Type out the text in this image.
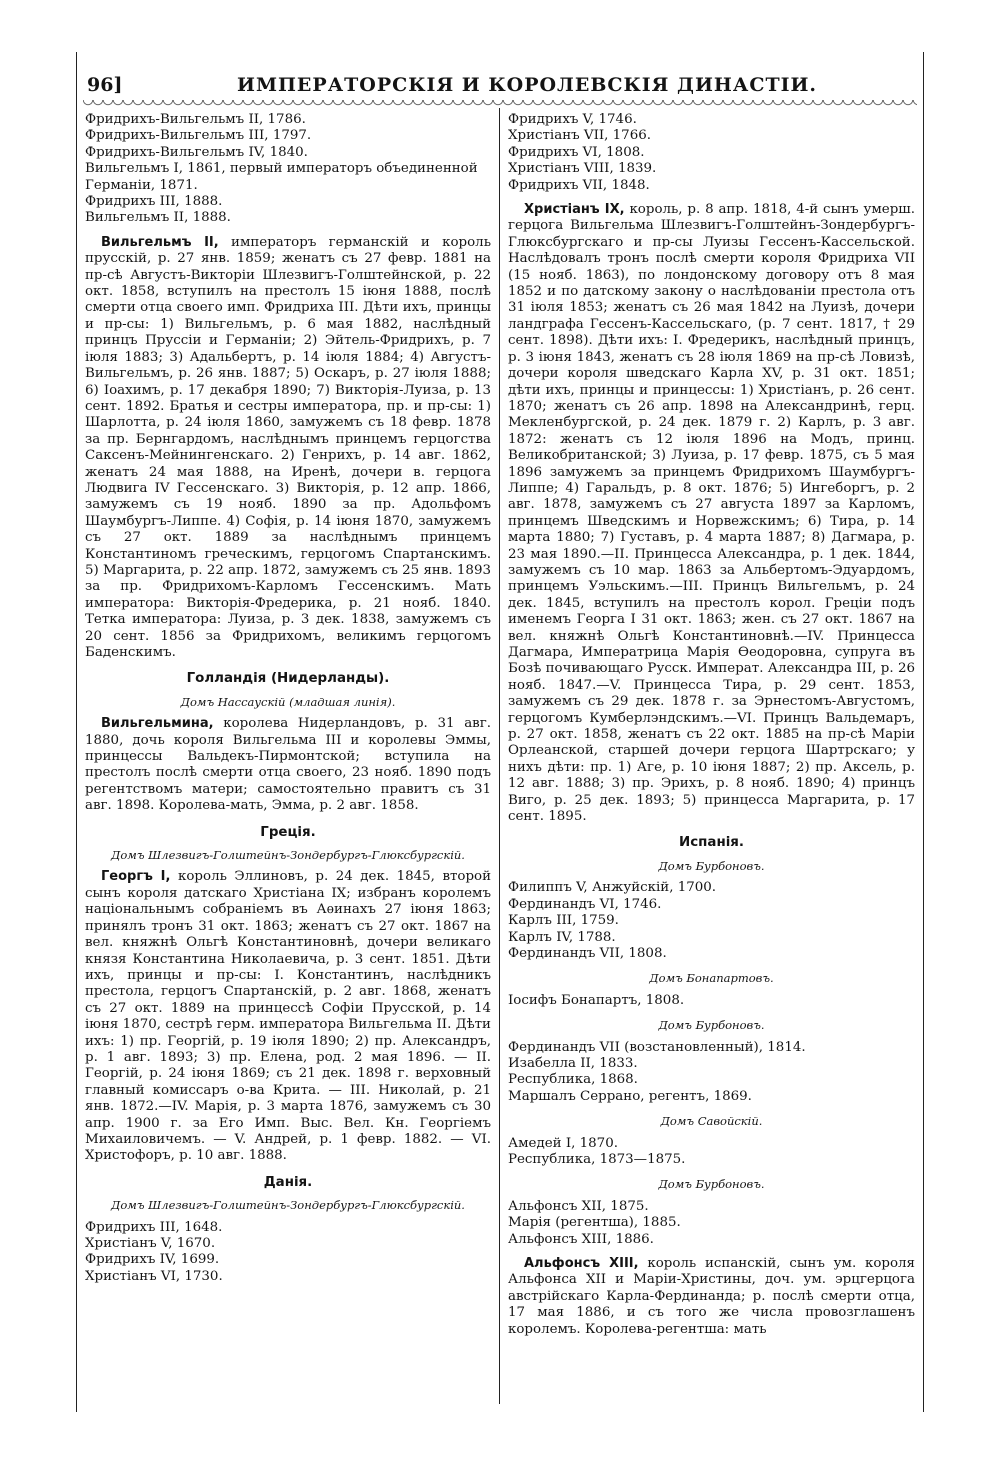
96]	ИМПЕРАТОРСКІЯ И КОРОЛЕВСКІЯ ДИНАСТІИ.
Фридрихъ-Вильгельмъ II, 1786.
Фридрихъ-Вильгельмъ III, 1797.
Фридрихъ-Вильгельмъ IV, 1840.
Вильгельмъ I, 1861, первый императоръ объединенной Германіи, 1871.
Фридрихъ III, 1888.
Вильгельмъ II, 1888.

Вильгельмъ II, императоръ германскій и король прусскій, р. 27 янв. 1859; женатъ съ 27 февр. 1881 на пр-сѣ Августъ-Викторіи Шлезвигъ-Голштейнской, р. 22 окт. 1858, вступилъ на престолъ 15 іюня 1888, послѣ смерти отца своего имп. Фридриха III. Дѣти ихъ, принцы и пр-сы: 1) Вильгельмъ, р. 6 мая 1882, наслѣдный принцъ Пруссіи и Германіи; 2) Эйтель-Фридрихъ, р. 7 іюля 1883; 3) Адальбертъ, р. 14 іюля 1884; 4) Августъ-Вильгельмъ, р. 26 янв. 1887; 5) Оскаръ, р. 27 іюля 1888; 6) Іоахимъ, р. 17 декабря 1890; 7) Викторія-Луиза, р. 13 сент. 1892. Братья и сестры императора, пр. и пр-сы: 1) Шарлотта, р. 24 іюля 1860, замужемъ съ 18 февр. 1878 за пр. Бернгардомъ, наслѣднымъ принцемъ герцогства Саксенъ-Мейнингенскаго. 2) Генрихъ, р. 14 авг. 1862, женатъ 24 мая 1888, на Иренѣ, дочери в. герцога Людвига IV Гессенскаго. 3) Викторія, р. 12 апр. 1866, замужемъ съ 19 нояб. 1890 за пр. Адольфомъ Шаумбургъ-Липпе. 4) Софія, р. 14 іюня 1870, замужемъ съ 27 окт. 1889 за наслѣднымъ принцемъ Константиномъ греческимъ, герцогомъ Спартанскимъ. 5) Маргарита, р. 22 апр. 1872, замужемъ съ 25 янв. 1893 за пр. Фридрихомъ-Карломъ Гессенскимъ. Мать императора: Викторія-Фредерика, р. 21 нояб. 1840. Тетка императора: Луиза, р. 3 дек. 1838, замужемъ съ 20 сент. 1856 за Фридрихомъ, великимъ герцогомъ Баденскимъ.

Голландія (Нидерланды).
Домъ Нассаускій (младшая линія).

Вильгельмина, королева Нидерландовъ, р. 31 авг. 1880, дочь короля Вильгельма III и королевы Эммы, принцессы Вальдекъ-Пирмонтской; вступила на престолъ послѣ смерти отца своего, 23 нояб. 1890 подъ регентствомъ матери; самостоятельно правитъ съ 31 авг. 1898. Королева-мать, Эмма, р. 2 авг. 1858.

Греція.
Домъ Шлезвигъ-Голштейнъ-Зондербургъ-Глюксбургскій.

Георгъ I, король Эллиновъ, р. 24 дек. 1845, второй сынъ короля датскаго Христіана IX; избранъ королемъ національнымъ собраніемъ въ Аѳинахъ 27 іюня 1863; принялъ тронъ 31 окт. 1863; женатъ съ 27 окт. 1867 на вел. княжнѣ Ольгѣ Константиновнѣ, дочери великаго князя Константина Николаевича, р. 3 сент. 1851. Дѣти ихъ, принцы и пр-сы: I. Константинъ, наслѣдникъ престола, герцогъ Спартанскій, р. 2 авг. 1868, женатъ съ 27 окт. 1889 на принцессѣ Софіи Прусской, р. 14 іюня 1870, сестрѣ герм. императора Вильгельма II. Дѣти ихъ: 1) пр. Георгій, р. 19 іюля 1890; 2) пр. Александръ, р. 1 авг. 1893; 3) пр. Елена, род. 2 мая 1896. — II. Георгій, р. 24 іюня 1869; съ 21 дек. 1898 г. верховный главный комиссаръ о-ва Крита. — III. Николай, р. 21 янв. 1872.—IV. Марія, р. 3 марта 1876, замужемъ съ 30 апр. 1900 г. за Его Имп. Выс. Вел. Кн. Георгіемъ Михаиловичемъ. — V. Андрей, р. 1 февр. 1882. — VI. Христофоръ, р. 10 авг. 1888.

Данія.
Домъ Шлезвигъ-Голштейнъ-Зондербургъ-Глюксбургскій.
Фридрихъ III, 1648.
Христіанъ V, 1670.
Фридрихъ IV, 1699.
Христіанъ VI, 1730.
Фридрихъ V, 1746.
Христіанъ VII, 1766.
Фридрихъ VI, 1808.
Христіанъ VIII, 1839.
Фридрихъ VII, 1848.

Христіанъ IX, король, р. 8 апр. 1818, 4-й сынъ умерш. герцога Вильгельма Шлезвигъ-Голштейнъ-Зондербургъ-Глюксбургскаго и пр-сы Луизы Гессенъ-Кассельской. Наслѣдовалъ тронъ послѣ смерти короля Фридриха VII (15 нояб. 1863), по лондонскому договору отъ 8 мая 1852 и по датскому закону о наслѣдованіи престола отъ 31 іюля 1853; женатъ съ 26 мая 1842 на Луизѣ, дочери ландграфа Гессенъ-Кассельскаго, (р. 7 сент. 1817, † 29 сент. 1898). Дѣти ихъ: I. Фредерикъ, наслѣдный принцъ, р. 3 іюня 1843, женатъ съ 28 іюля 1869 на пр-сѣ Ловизѣ, дочери короля шведскаго Карла XV, р. 31 окт. 1851; дѣти ихъ, принцы и принцессы: 1) Христіанъ, р. 26 сент. 1870; женатъ съ 26 апр. 1898 на Александринѣ, герц. Мекленбургской, р. 24 дек. 1879 г. 2) Карлъ, р. 3 авг. 1872: женатъ съ 12 іюля 1896 на Модъ, принц. Великобританской; 3) Луиза, р. 17 февр. 1875, съ 5 мая 1896 замужемъ за принцемъ Фридрихомъ Шаумбургъ-Липпе; 4) Гаральдъ, р. 8 окт. 1876; 5) Ингеборгъ, р. 2 авг. 1878, замужемъ съ 27 августа 1897 за Карломъ, принцемъ Шведскимъ и Норвежскимъ; 6) Тира, р. 14 марта 1880; 7) Густавъ, р. 4 марта 1887; 8) Дагмара, р. 23 мая 1890.—II. Принцесса Александра, р. 1 дек. 1844, замужемъ съ 10 мар. 1863 за Альбертомъ-Эдуардомъ, принцемъ Уэльскимъ.—III. Принцъ Вильгельмъ, р. 24 дек. 1845, вступилъ на престолъ корол. Греціи подъ именемъ Георга I 31 окт. 1863; жен. съ 27 окт. 1867 на вел. княжнѣ Ольгѣ Константиновнѣ.—IV. Принцесса Дагмара, Императрица Марія Ѳеодоровна, супруга въ Бозѣ почивающаго Русск. Императ. Александра III, р. 26 нояб. 1847.—V. Принцесса Тира, р. 29 сент. 1853, замужемъ съ 29 дек. 1878 г. за Эрнестомъ-Августомъ, герцогомъ Кумберлэндскимъ.—VI. Принцъ Вальдемаръ, р. 27 окт. 1858, женатъ съ 22 окт. 1885 на пр-сѣ Маріи Орлеанской, старшей дочери герцога Шартрскаго; у нихъ дѣти: пр. 1) Аге, р. 10 іюня 1887; 2) пр. Аксель, р. 12 авг. 1888; 3) пр. Эрихъ, р. 8 нояб. 1890; 4) принцъ Виго, р. 25 дек. 1893; 5) принцесса Маргарита, р. 17 сент. 1895.

Испанія.
Домъ Бурбоновъ.
Филиппъ V, Анжуйскій, 1700.
Фердинандъ VI, 1746.
Карлъ III, 1759.
Карлъ IV, 1788.
Фердинандъ VII, 1808.
Домъ Бонапартовъ.
Іосифъ Бонапартъ, 1808.
Домъ Бурбоновъ.
Фердинандъ VII (возстановленный), 1814.
Изабелла II, 1833.
Республика, 1868.
Маршалъ Серрано, регентъ, 1869.
Домъ Савойскій.
Амедей I, 1870.
Республика, 1873—1875.
Домъ Бурбоновъ.
Альфонсъ XII, 1875.
Марія (регентша), 1885.
Альфонсъ XIII, 1886.

Альфонсъ XIII, король испанскій, сынъ ум. короля Альфонса XII и Маріи-Христины, доч. ум. эрцгерцога австрійскаго Карла-Фердинанда; р. послѣ смерти отца, 17 мая 1886, и съ того же числа провозглашенъ королемъ. Королева-регентша: мать
